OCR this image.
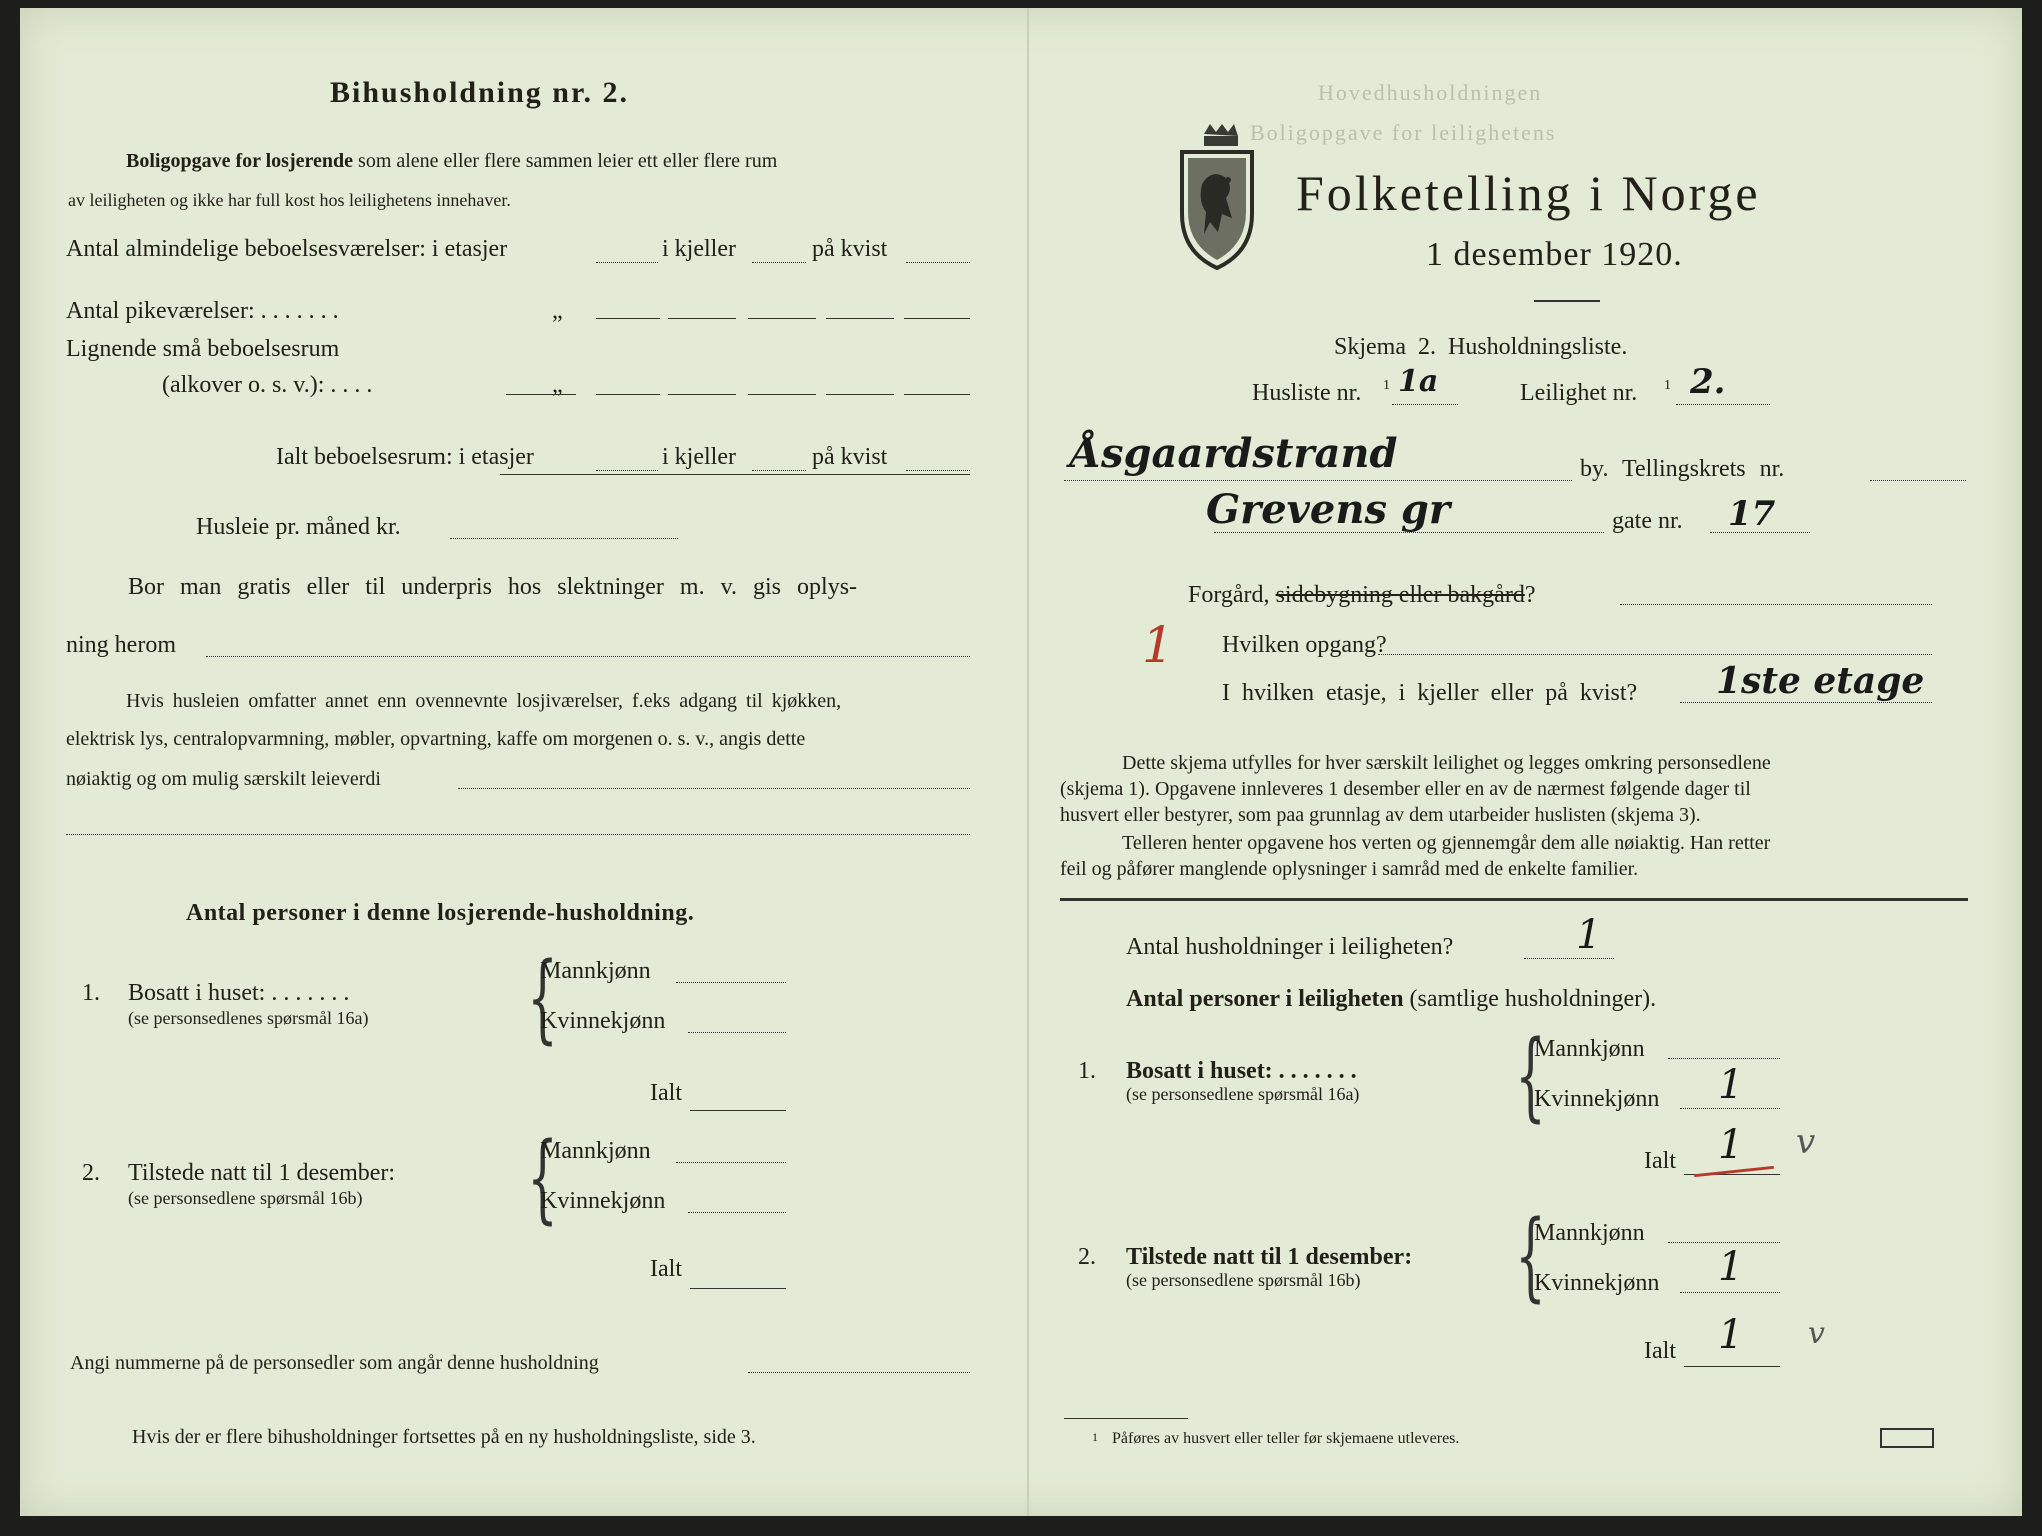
Bihusholdning nr. 2.
Boligopgave for losjerende som alene eller flere sammen leier ett eller flere rum
av leiligheten og ikke har full kost hos leilighetens innehaver.
Antal almindelige beboelsesværelser: i etasjer	i kjeller	på kvist
Antal pikeværelser: . . . . . . .	„
Lignende små beboelsesrum
(alkover o. s. v.): . . . .	„
Ialt beboelsesrum: i etasjer	i kjeller	på kvist
Husleie pr. måned kr.
Bor man gratis eller til underpris hos slektninger m. v. gis oplys-
ning herom
Hvis husleien omfatter annet enn ovennevnte losjiværelser, f.eks adgang til kjøkken,
elektrisk lys, centralopvarmning, møbler, opvartning, kaffe om morgenen o. s. v., angis dette
nøiaktig og om mulig særskilt leieverdi
Antal personer i denne losjerende-husholdning.
1. Bosatt i huset: . . . . . . .
(se personsedlenes spørsmål 16a) {
Mannkjønn
Kvinnekjønn
Ialt
2. Tilstede natt til 1 desember:
(se personsedlene spørsmål 16b) {
Mannkjønn
Kvinnekjønn
Ialt
Angi nummerne på de personsedler som angår denne husholdning
Hvis der er flere bihusholdninger fortsettes på en ny husholdningsliste, side 3.
Hovedhusholdningen
Boligopgave for leilighetens
Folketelling i Norge
1 desember 1920.
Skjema 2. Husholdningsliste.
Husliste nr. 1 1a	Leilighet nr. 1 2.
Åsgaardstrand	by. Tellingskrets nr.
Grevens gr	gate nr. 17
Forgård, sidebygning eller bakgård?
1 Hvilken opgang?
I hvilken etasje, i kjeller eller på kvist? 1ste etage
Dette skjema utfylles for hver særskilt leilighet og legges omkring personsedlene
(skjema 1). Opgavene innleveres 1 desember eller en av de nærmest følgende dager til
husvert eller bestyrer, som paa grunnlag av dem utarbeider huslisten (skjema 3).
Telleren henter opgavene hos verten og gjennemgår dem alle nøiaktig. Han retter
feil og påfører manglende oplysninger i samråd med de enkelte familier.
Antal husholdninger i leiligheten?	1
Antal personer i leiligheten (samtlige husholdninger).
1. Bosatt i huset: . . . . . . .
(se personsedlene spørsmål 16a) {
Mannkjønn
Kvinnekjønn 1
Ialt 1 v
2. Tilstede natt til 1 desember:
(se personsedlene spørsmål 16b) {
Mannkjønn
Kvinnekjønn 1
Ialt 1 v
1 Påføres av husvert eller teller før skjemaene utleveres.
